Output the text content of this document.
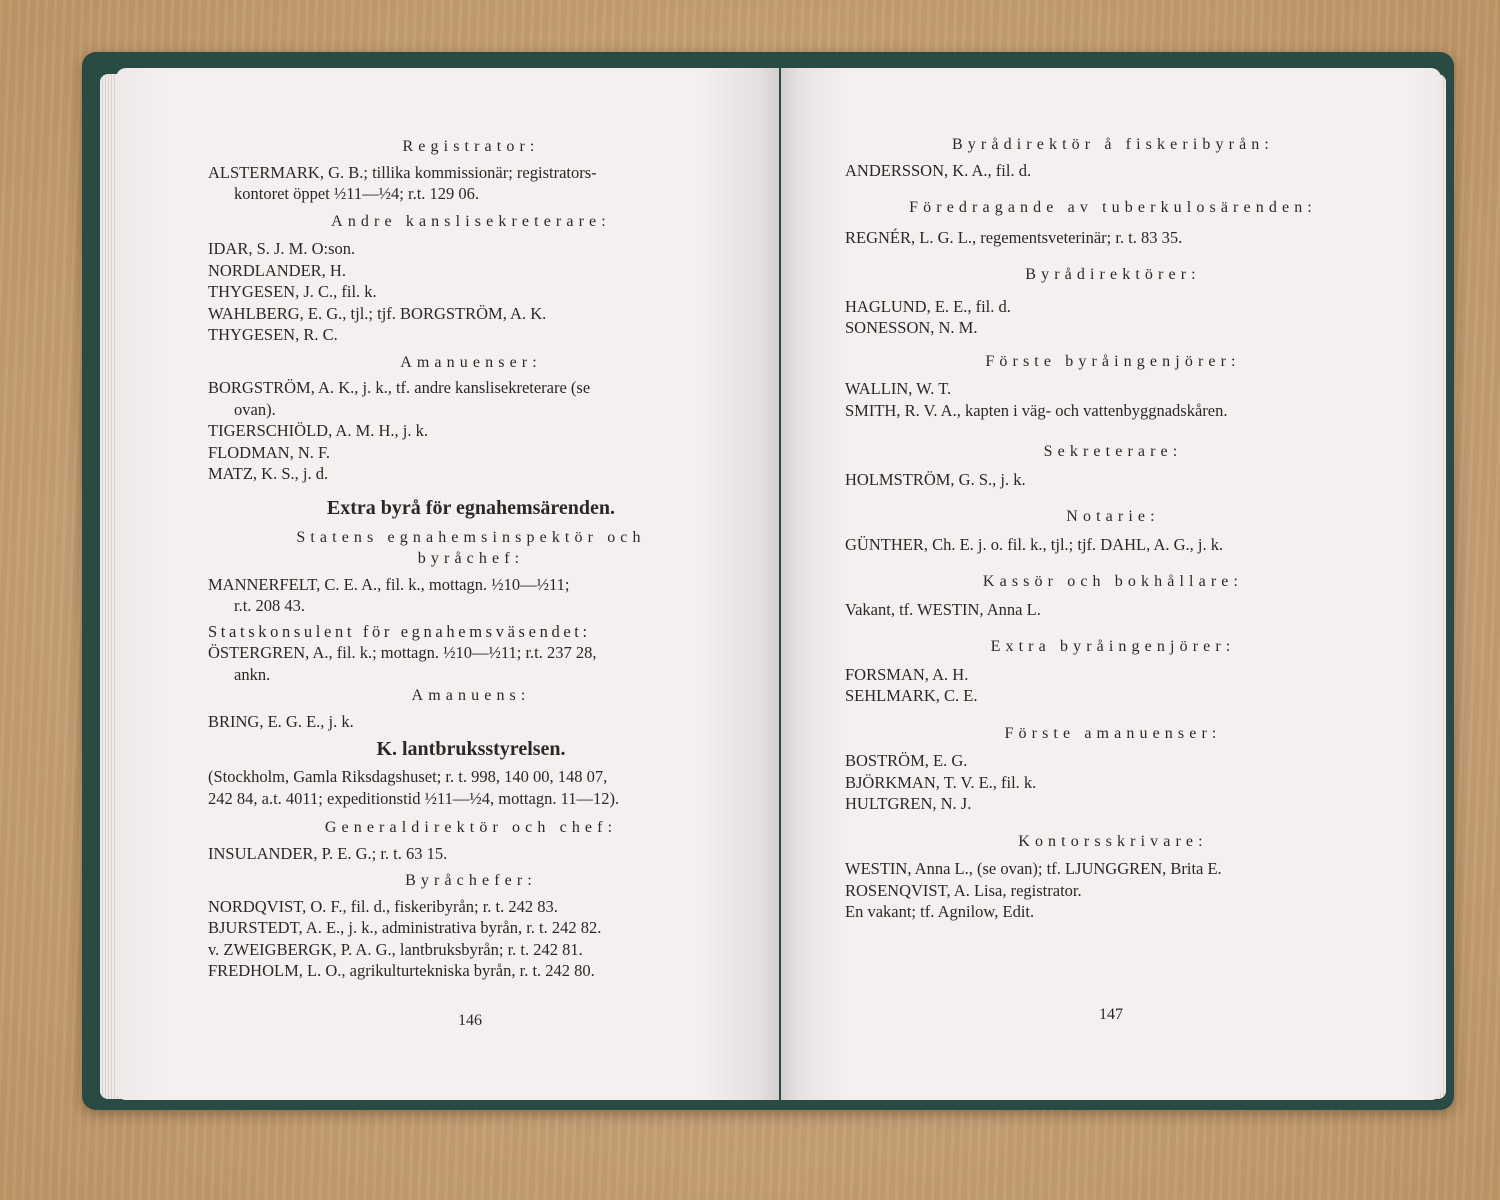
Registrator:
ALSTERMARK, G. B.; tillika kommissionär; registrators-
kontoret öppet ½11—½4; r.t. 129 06.
Andre kanslisekreterare:
IDAR, S. J. M. O:son.
NORDLANDER, H.
THYGESEN, J. C., fil. k.
WAHLBERG, E. G., tjl.; tjf. BORGSTRÖM, A. K.
THYGESEN, R. C.
Amanuenser:
BORGSTRÖM, A. K., j. k., tf. andre kanslisekreterare (se
ovan).
TIGERSCHIÖLD, A. M. H., j. k.
FLODMAN, N. F.
MATZ, K. S., j. d.
Extra byrå för egnahemsärenden.
Statens egnahemsinspektör och
byråchef:
MANNERFELT, C. E. A., fil. k., mottagn. ½10—½11;
r.t. 208 43.
Statskonsulent för egnahemsväsendet:
ÖSTERGREN, A., fil. k.; mottagn. ½10—½11; r.t. 237 28,
ankn.
Amanuens:
BRING, E. G. E., j. k.
K. lantbruksstyrelsen.
(Stockholm, Gamla Riksdagshuset; r. t. 998, 140 00, 148 07,
242 84, a.t. 4011; expeditionstid ½11—½4, mottagn. 11—12).
Generaldirektör och chef:
INSULANDER, P. E. G.; r. t. 63 15.
Byråchefer:
NORDQVIST, O. F., fil. d., fiskeribyrån; r. t. 242 83.
BJURSTEDT, A. E., j. k., administrativa byrån, r. t. 242 82.
v. ZWEIGBERGK, P. A. G., lantbruksbyrån; r. t. 242 81.
FREDHOLM, L. O., agrikulturtekniska byrån, r. t. 242 80.
146
Byrådirektör å fiskeribyrån:
ANDERSSON, K. A., fil. d.
Föredragande av tuberkulosärenden:
REGNÉR, L. G. L., regementsveterinär; r. t. 83 35.
Byrådirektörer:
HAGLUND, E. E., fil. d.
SONESSON, N. M.
Förste byråingenjörer:
WALLIN, W. T.
SMITH, R. V. A., kapten i väg- och vattenbyggnadskåren.
Sekreterare:
HOLMSTRÖM, G. S., j. k.
Notarie:
GÜNTHER, Ch. E. j. o. fil. k., tjl.; tjf. DAHL, A. G., j. k.
Kassör och bokhållare:
Vakant, tf. WESTIN, Anna L.
Extra byråingenjörer:
FORSMAN, A. H.
SEHLMARK, C. E.
Förste amanuenser:
BOSTRÖM, E. G.
BJÖRKMAN, T. V. E., fil. k.
HULTGREN, N. J.
Kontorsskrivare:
WESTIN, Anna L., (se ovan); tf. LJUNGGREN, Brita E.
ROSENQVIST, A. Lisa, registrator.
En vakant; tf. Agnilow, Edit.
147
